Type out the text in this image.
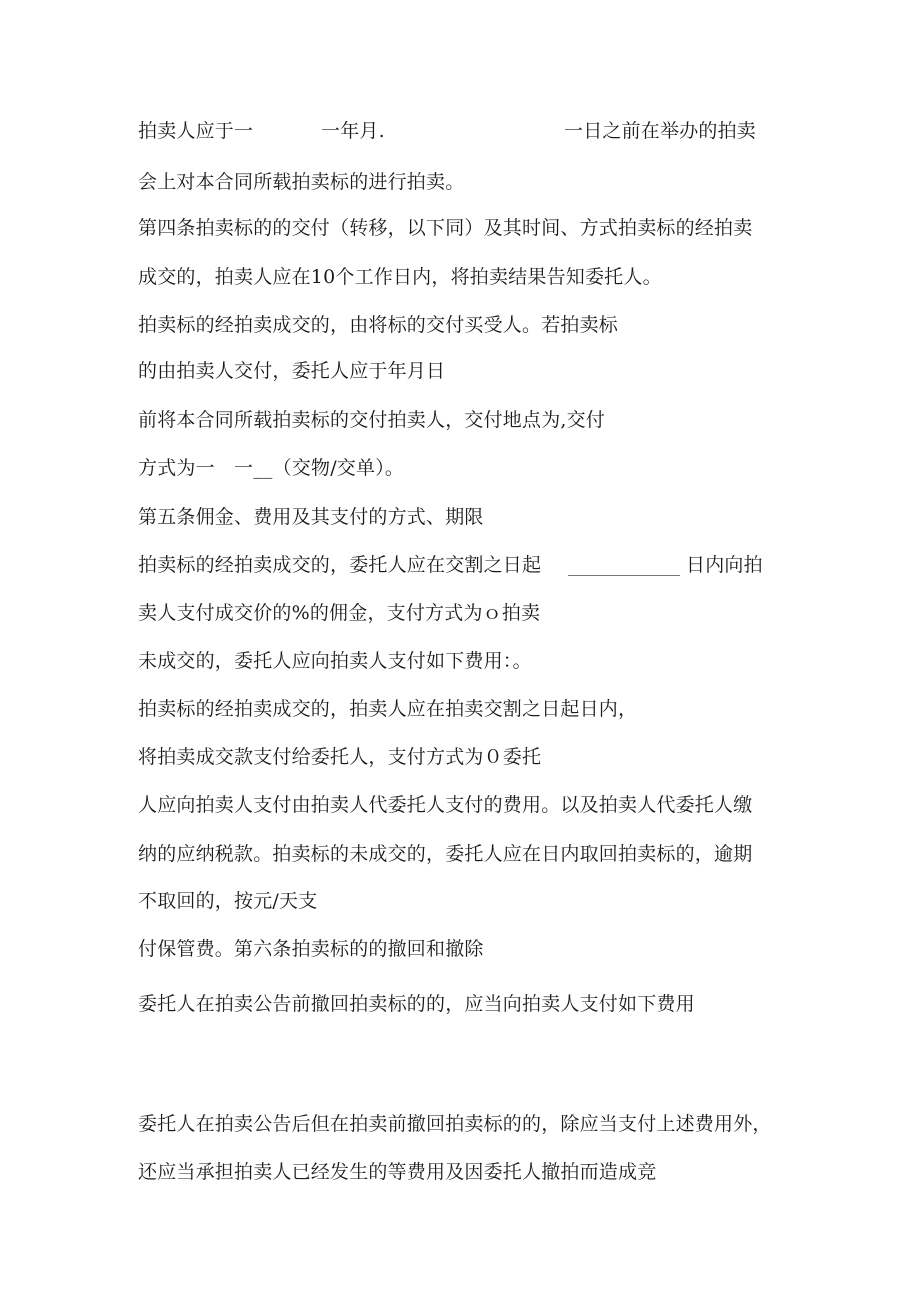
拍卖人应于一	一年月.	一日之前在举办的拍卖
会上对本合同所载拍卖标的进行拍卖。
第四条拍卖标的的交付（转移，以下同）及其时间、方式拍卖标的经拍卖
成交的，拍卖人应在10个工作日内，将拍卖结果告知委托人。
拍卖标的经拍卖成交的，由将标的交付买受人。若拍卖标
的由拍卖人交付，委托人应于年月日
前将本合同所载拍卖标的交付拍卖人，交付地点为,交付
方式为一 一__（交物/交单）。
第五条佣金、费用及其支付的方式、期限
拍卖标的经拍卖成交的，委托人应在交割之日起	日内向拍
卖人支付成交价的%的佣金，支付方式为ｏ拍卖
未成交的，委托人应向拍卖人支付如下费用：。
拍卖标的经拍卖成交的，拍卖人应在拍卖交割之日起日内，
将拍卖成交款支付给委托人，支付方式为０委托
人应向拍卖人支付由拍卖人代委托人支付的费用。以及拍卖人代委托人缴
纳的应纳税款。拍卖标的未成交的，委托人应在日内取回拍卖标的，逾期
不取回的，按元/天支
付保管费。第六条拍卖标的的撤回和撤除
委托人在拍卖公告前撤回拍卖标的的，应当向拍卖人支付如下费用
委托人在拍卖公告后但在拍卖前撤回拍卖标的的，除应当支付上述费用外，
还应当承担拍卖人已经发生的等费用及因委托人撤拍而造成竞
